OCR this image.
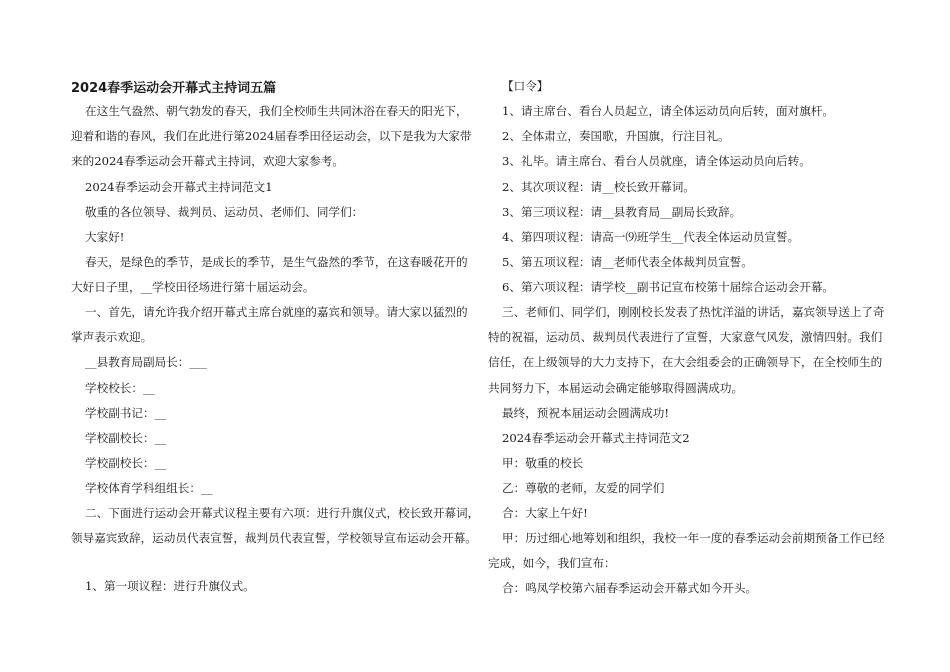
2024春季运动会开幕式主持词五篇
在这生气盎然、朝气勃发的春天，我们全校师生共同沐浴在春天的阳光下，
迎着和谐的春风，我们在此进行第2024届春季田径运动会，以下是我为大家带
来的2024春季运动会开幕式主持词，欢迎大家参考。
2024春季运动会开幕式主持词范文1
敬重的各位领导、裁判员、运动员、老师们、同学们：
大家好!
春天，是绿色的季节，是成长的季节，是生气盎然的季节，在这春暖花开的
大好日子里，__学校田径场进行第十届运动会。
一、首先，请允许我介绍开幕式主席台就座的嘉宾和领导。请大家以猛烈的
掌声表示欢迎。
__县教育局副局长：___
学校校长：__
学校副书记：__
学校副校长：__
学校副校长：__
学校体育学科组组长：__
二、下面进行运动会开幕式议程主要有六项：进行升旗仪式，校长致开幕词，
领导嘉宾致辞，运动员代表宣誓，裁判员代表宣誓，学校领导宣布运动会开幕。
1、第一项议程：进行升旗仪式。
【口令】
1、请主席台、看台人员起立，请全体运动员向后转，面对旗杆。
2、全体肃立，奏国歌，升国旗，行注目礼。
3、礼毕。请主席台、看台人员就座，请全体运动员向后转。
2、其次项议程：请__校长致开幕词。
3、第三项议程：请__县教育局__副局长致辞。
4、第四项议程：请高一⑼班学生__代表全体运动员宣誓。
5、第五项议程：请__老师代表全体裁判员宣誓。
6、第六项议程：请学校__副书记宣布校第十届综合运动会开幕。
三、老师们、同学们，刚刚校长发表了热忱洋溢的讲话，嘉宾领导送上了奇
特的祝福，运动员、裁判员代表进行了宣誓，大家意气风发，激情四射。我们
信任，在上级领导的大力支持下，在大会组委会的正确领导下，在全校师生的
共同努力下，本届运动会确定能够取得圆满成功。
最终，预祝本届运动会圆满成功!
2024春季运动会开幕式主持词范文2
甲：敬重的校长
乙：尊敬的老师，友爱的同学们
合：大家上午好!
甲：历过细心地筹划和组织，我校一年一度的春季运动会前期预备工作已经
完成，如今，我们宣布：
合：鸣凤学校第六届春季运动会开幕式如今开头。
